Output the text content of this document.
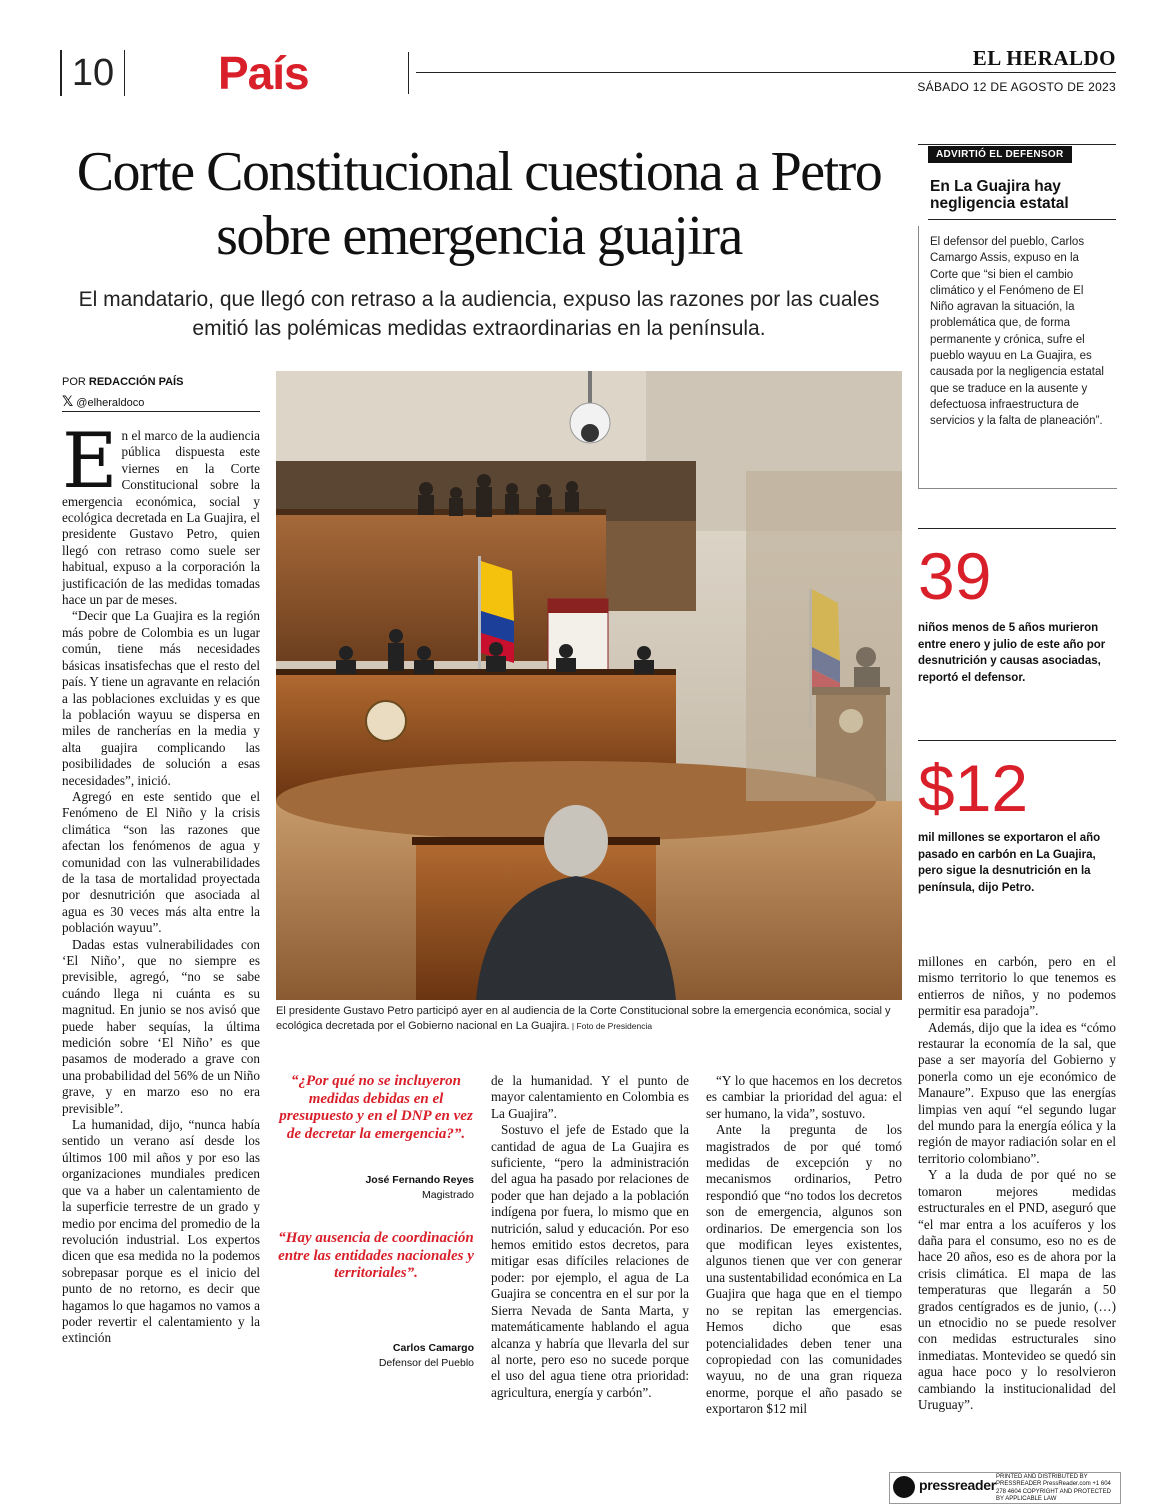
10 País	EL HERALDO
SÁBADO 12 DE AGOSTO DE 2023
Corte Constitucional cuestiona a Petro sobre emergencia guajira
El mandatario, que llegó con retraso a la audiencia, expuso las razones por las cuales emitió las polémicas medidas extraordinarias en la península.
POR REDACCIÓN PAÍS
𝕏 @elheraldoco
E n el marco de la audiencia pública dispuesta este viernes en la Corte Constitucional sobre la emergencia económica, social y ecológica decretada en La Guajira, el presidente Gustavo Petro, quien llegó con retraso como suele ser habitual, expuso a la corporación la justificación de las medidas tomadas hace un par de meses.

“Decir que La Guajira es la región más pobre de Colombia es un lugar común, tiene más necesidades básicas insatisfechas que el resto del país. Y tiene un agravante en relación a las poblaciones excluidas y es que la población wayuu se dispersa en miles de rancherías en la media y alta guajira complicando las posibilidades de solución a esas necesidades”, inició.

Agregó en este sentido que el Fenómeno de El Niño y la crisis climática “son las razones que afectan los fenómenos de agua y comunidad con las vulnerabilidades de la tasa de mortalidad proyectada por desnutrición que asociada al agua es 30 veces más alta entre la población wayuu”.

Dadas estas vulnerabilidades con ‘El Niño’, que no siempre es previsible, agregó, “no se sabe cuándo llega ni cuánta es su magnitud. En junio se nos avisó que puede haber sequías, la última medición sobre ‘El Niño’ es que pasamos de moderado a grave con una probabilidad del 56% de un Niño grave, y en marzo eso no era previsible”.

La humanidad, dijo, “nunca había sentido un verano así desde los últimos 100 mil años y por eso las organizaciones mundiales predicen que va a haber un calentamiento de la superficie terrestre de un grado y medio por encima del promedio de la revolución industrial. Los expertos dicen que esa medida no la podemos sobrepasar porque es el inicio del punto de no retorno, es decir que hagamos lo que hagamos no vamos a poder revertir el calentamiento y la extinción

El presidente Gustavo Petro participó ayer en al audiencia de la Corte Constitucional sobre la emergencia económica, social y ecológica decretada por el Gobierno nacional en La Guajira. | Foto de Presidencia
“¿Por qué no se incluyeron medidas debidas en el presupuesto y en el DNP en vez de decretar la emergencia?”.
José Fernando Reyes
Magistrado
“Hay ausencia de coordinación entre las entidades nacionales y territoriales”.
Carlos Camargo
Defensor del Pueblo

de la humanidad. Y el punto de mayor calentamiento en Colombia es La Guajira”.

Sostuvo el jefe de Estado que la cantidad de agua de La Guajira es suficiente, “pero la administración del agua ha pasado por relaciones de poder que han dejado a la población indígena por fuera, lo mismo que en nutrición, salud y educación. Por eso hemos emitido estos decretos, para mitigar esas difíciles relaciones de poder: por ejemplo, el agua de La Guajira se concentra en el sur por la Sierra Nevada de Santa Marta, y matemáticamente hablando el agua alcanza y habría que llevarla del sur al norte, pero eso no sucede porque el uso del agua tiene otra prioridad: agricultura, energía y carbón”.

“Y lo que hacemos en los decretos es cambiar la prioridad del agua: el ser humano, la vida”, sostuvo.

Ante la pregunta de los magistrados de por qué tomó medidas de excepción y no mecanismos ordinarios, Petro respondió que “no todos los decretos son de emergencia, algunos son ordinarios. De emergencia son los que modifican leyes existentes, algunos tienen que ver con generar una sustentabilidad económica en La Guajira que haga que en el tiempo no se repitan las emergencias. Hemos dicho que esas potencialidades deben tener una copropiedad con las comunidades wayuu, no de una gran riqueza enorme, porque el año pasado se exportaron $12 mil

millones en carbón, pero en el mismo territorio lo que tenemos es entierros de niños, y no podemos permitir esa paradoja”.

Además, dijo que la idea es “cómo restaurar la economía de la sal, que pase a ser mayoría del Gobierno y ponerla como un eje económico de Manaure”. Expuso que las energías limpias ven aquí “el segundo lugar del mundo para la energía eólica y la región de mayor radiación solar en el territorio colombiano”.

Y a la duda de por qué no se tomaron mejores medidas estructurales en el PND, aseguró que “el mar entra a los acuíferos y los daña para el consumo, eso no es de hace 20 años, eso es de ahora por la crisis climática. El mapa de las temperaturas que llegarán a 50 grados centígrados es de junio, (…) un etnocidio no se puede resolver con medidas estructurales sino inmediatas. Montevideo se quedó sin agua hace poco y lo resolvieron cambiando la institucionalidad del Uruguay”.

ADVIRTIÓ EL DEFENSOR
En La Guajira hay negligencia estatal
El defensor del pueblo, Carlos Camargo Assis, expuso en la Corte que “si bien el cambio climático y el Fenómeno de El Niño agravan la situación, la problemática que, de forma permanente y crónica, sufre el pueblo wayuu en La Guajira, es causada por la negligencia estatal que se traduce en la ausente y defectuosa infraestructura de servicios y la falta de planeación”.
39
niños menos de 5 años murieron entre enero y julio de este año por desnutrición y causas asociadas, reportó el defensor.
$12
mil millones se exportaron el año pasado en carbón en La Guajira, pero sigue la desnutrición en la península, dijo Petro.
pressreader PRINTED AND DISTRIBUTED BY PRESSREADER PressReader.com +1 604 278 4604 COPYRIGHT AND PROTECTED BY APPLICABLE LAW
